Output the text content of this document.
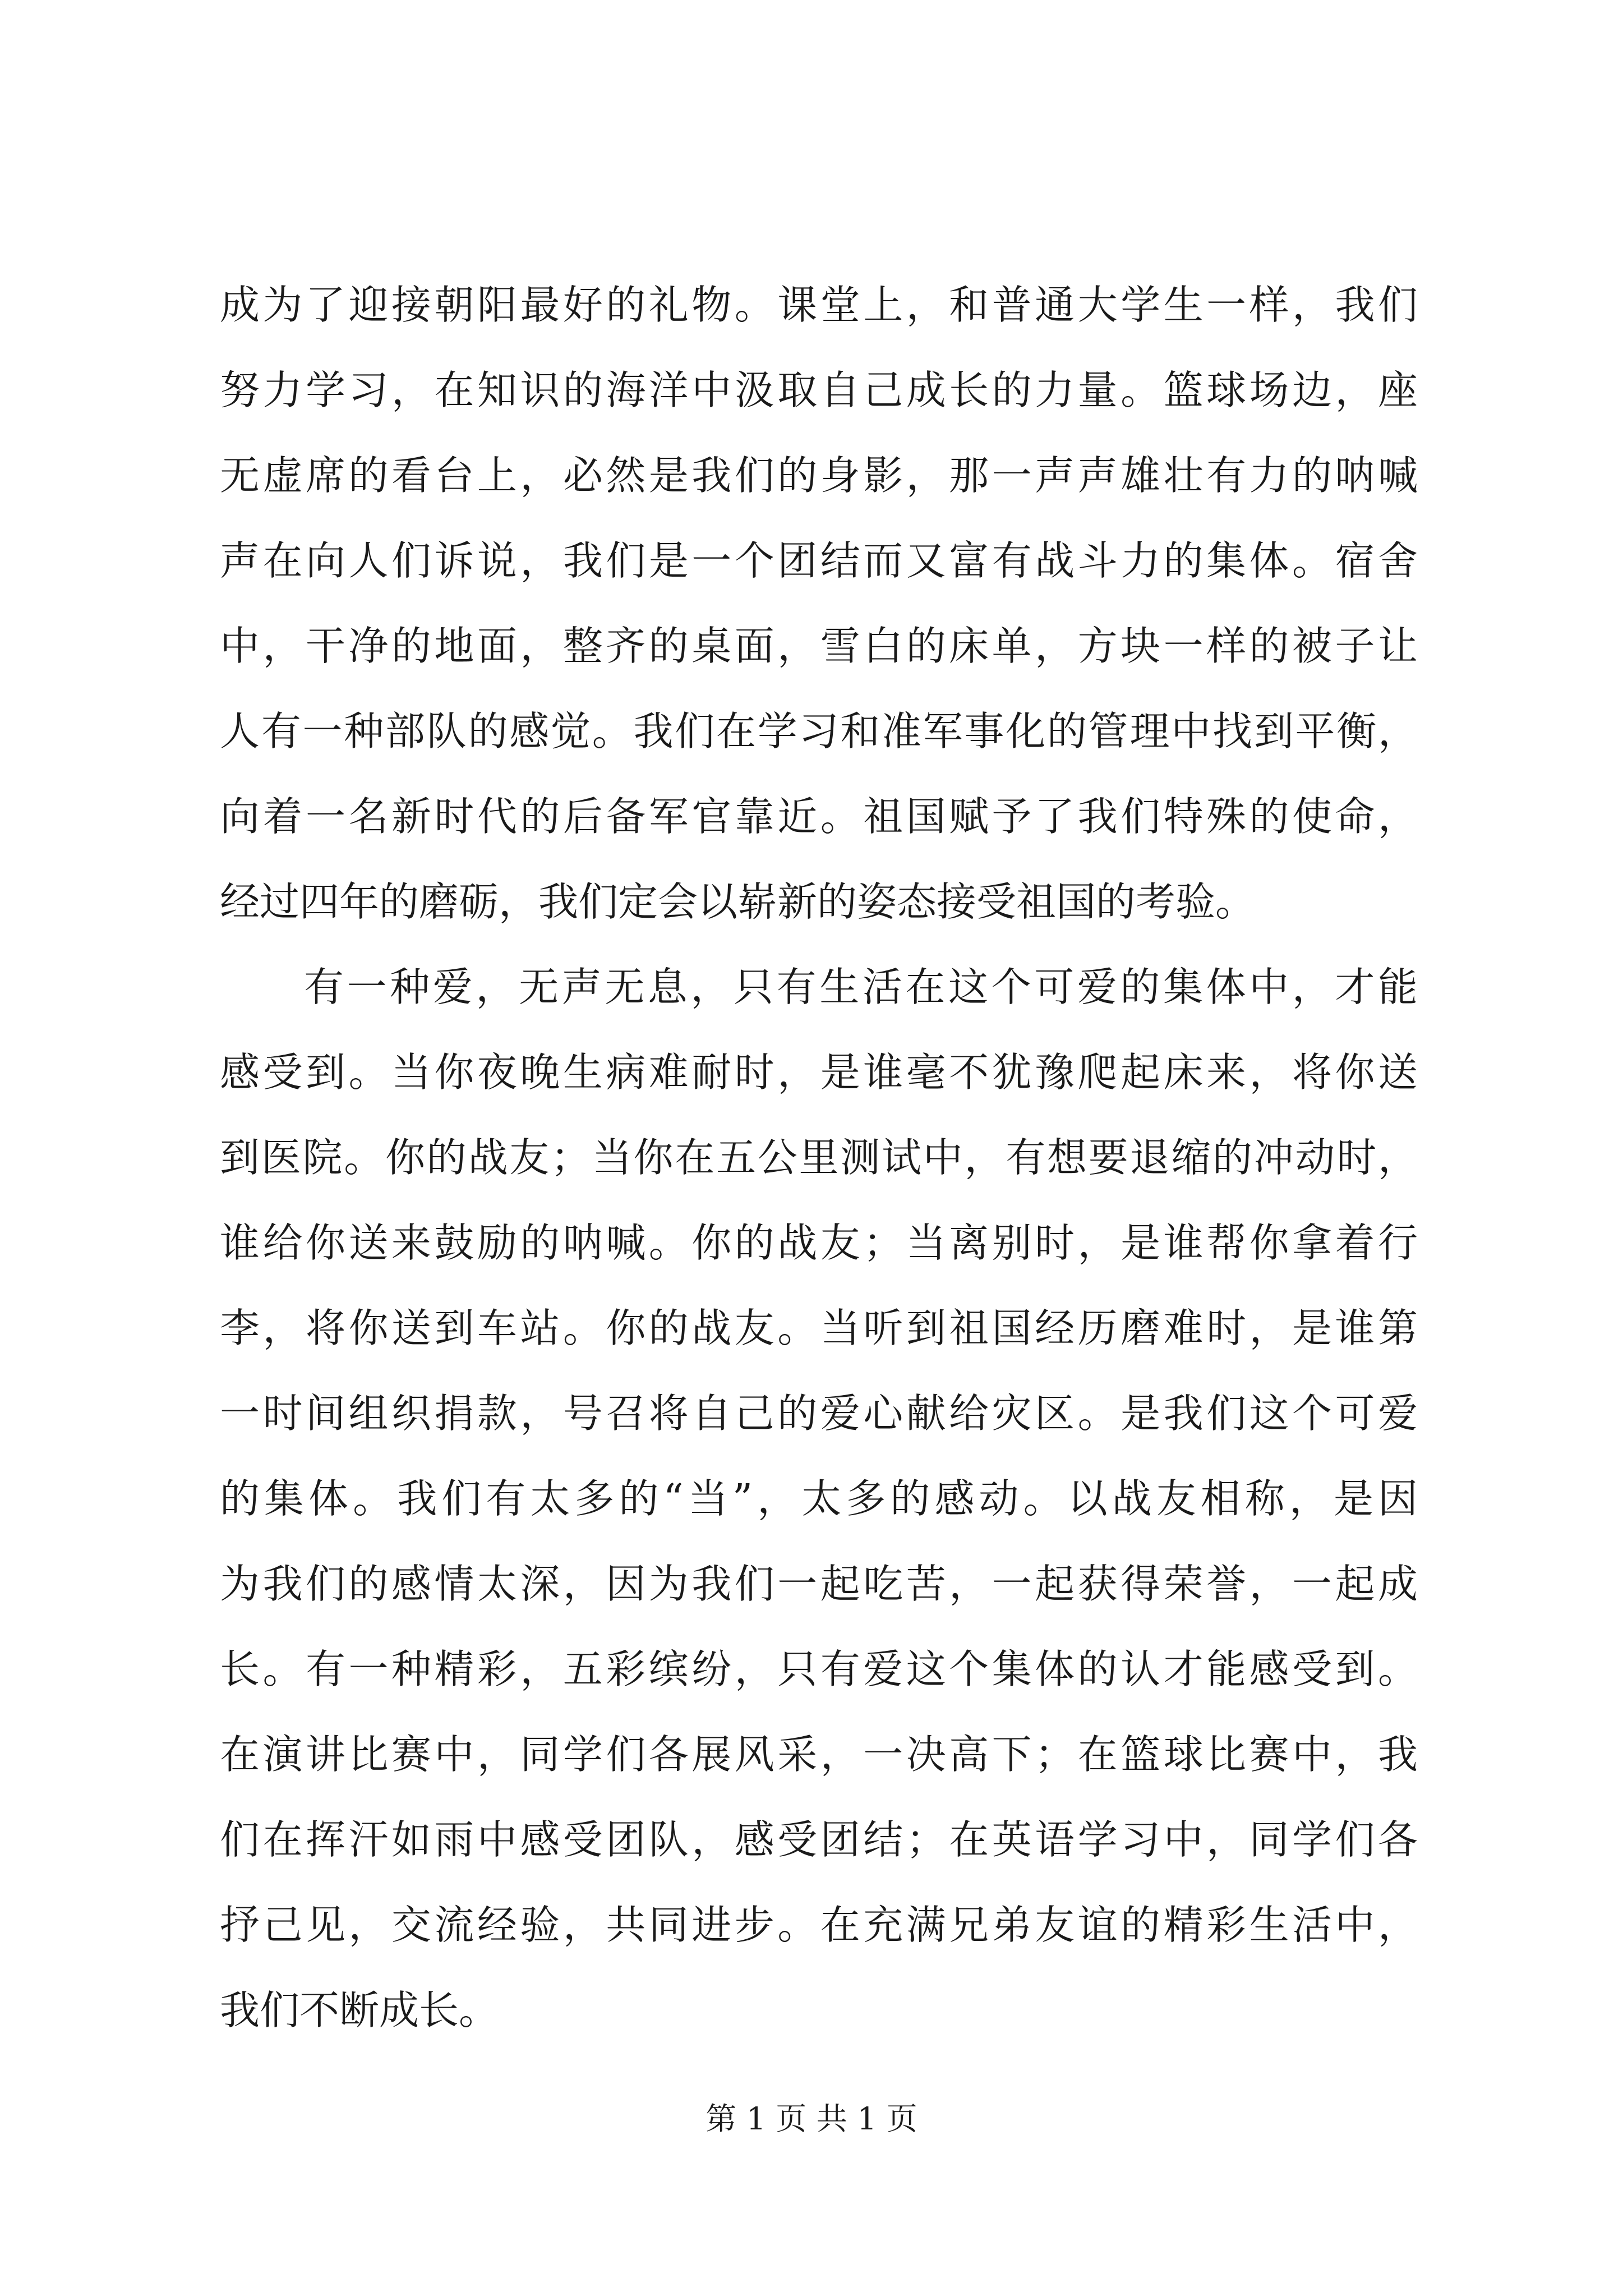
成为了迎接朝阳最好的礼物。课堂上，和普通大学生一样，我们
努力学习，在知识的海洋中汲取自己成长的力量。篮球场边，座
无虚席的看台上，必然是我们的身影，那一声声雄壮有力的呐喊
声在向人们诉说，我们是一个团结而又富有战斗力的集体。宿舍
中，干净的地面，整齐的桌面，雪白的床单，方块一样的被子让
人有一种部队的感觉。我们在学习和准军事化的管理中找到平衡，
向着一名新时代的后备军官靠近。祖国赋予了我们特殊的使命，
经过四年的磨砺，我们定会以崭新的姿态接受祖国的考验。
有一种爱，无声无息，只有生活在这个可爱的集体中，才能
感受到。当你夜晚生病难耐时，是谁毫不犹豫爬起床来，将你送
到医院。你的战友；当你在五公里测试中，有想要退缩的冲动时，
谁给你送来鼓励的呐喊。你的战友；当离别时，是谁帮你拿着行
李，将你送到车站。你的战友。当听到祖国经历磨难时，是谁第
一时间组织捐款，号召将自己的爱心献给灾区。是我们这个可爱
的集体。我们有太多的“当”，太多的感动。以战友相称，是因
为我们的感情太深，因为我们一起吃苦，一起获得荣誉，一起成
长。有一种精彩，五彩缤纷，只有爱这个集体的认才能感受到。
在演讲比赛中，同学们各展风采，一决高下；在篮球比赛中，我
们在挥汗如雨中感受团队，感受团结；在英语学习中，同学们各
抒己见，交流经验，共同进步。在充满兄弟友谊的精彩生活中，
我们不断成长。
第 1 页 共 1 页
